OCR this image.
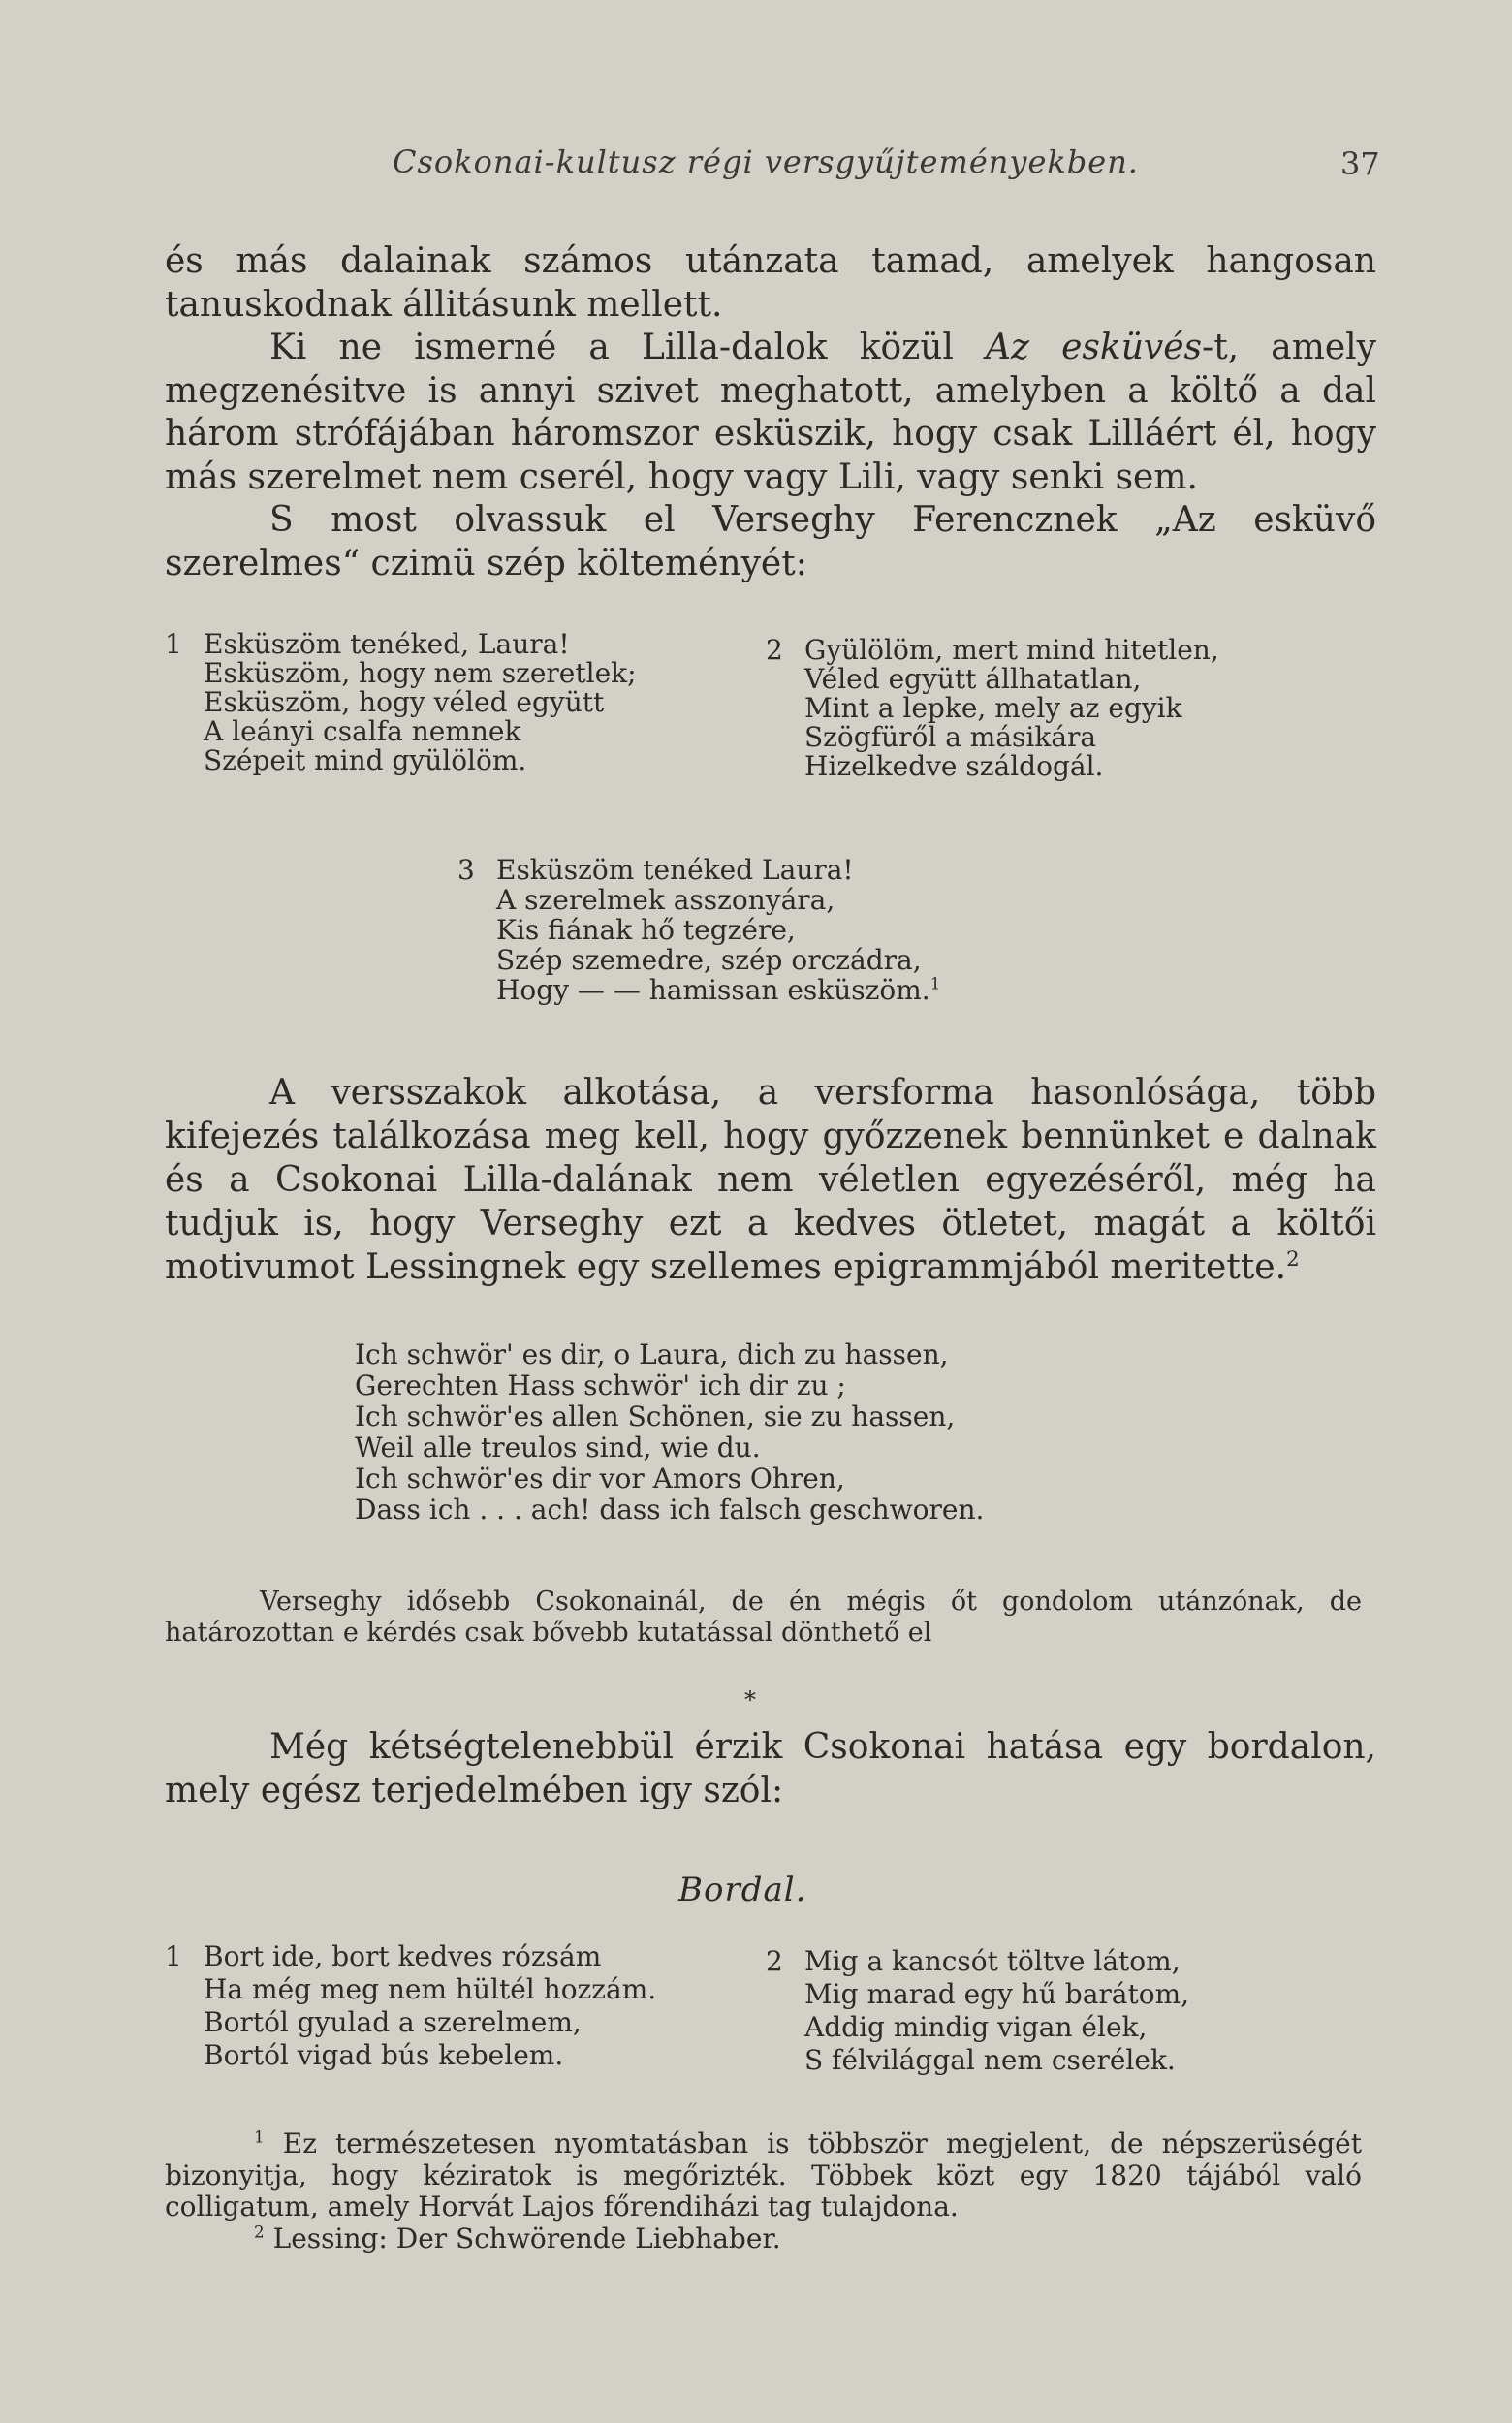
Csokonai-kultusz régi versgyűjteményekben.	37

és más dalainak számos utánzata tamad, amelyek hangosan tanuskodnak állitásunk mellett.

Ki ne ismerné a Lilla-dalok közül Az esküvés-t, amely megzenésitve is annyi szivet meghatott, amelyben a költő a dal három strófájában háromszor esküszik, hogy csak Lilláért él, hogy más szerelmet nem cserél, hogy vagy Lili, vagy senki sem.

S most olvassuk el Verseghy Ferencznek „Az esküvő szerelmes“ czimü szép költeményét:

1 Esküszöm tenéked, Laura!
Esküszöm, hogy nem szeretlek;
Esküszöm, hogy véled együtt
A leányi csalfa nemnek
Szépeit mind gyülölöm.
2 Gyülölöm, mert mind hitetlen,
Véled együtt állhatatlan,
Mint a lepke, mely az egyik
Szögfüről a másikára
Hizelkedve száldogál.
3 Esküszöm tenéked Laura!
A szerelmek asszonyára,
Kis fiának hő tegzére,
Szép szemedre, szép orczádra,
Hogy — — hamissan esküszöm.$^1$

A versszakok alkotása, a versforma hasonlósága, több kifejezés találkozása meg kell, hogy győzzenek bennünket e dalnak és a Csokonai Lilla-dalának nem véletlen egyezéséről, még ha tudjuk is, hogy Verseghy ezt a kedves ötletet, magát a költői motivumot Lessingnek egy szellemes epigrammjából meritette.$^2$

Ich schwör' es dir, o Laura, dich zu hassen,
Gerechten Hass schwör' ich dir zu ;
Ich schwör'es allen Schönen, sie zu hassen,
Weil alle treulos sind, wie du.
Ich schwör'es dir vor Amors Ohren,
Dass ich . . . ach! dass ich falsch geschworen.

Verseghy idősebb Csokonainál, de én mégis őt gondolom utánzónak, de határozottan e kérdés csak bővebb kutatással dönthető el

*

Még kétségtelenebbül érzik Csokonai hatása egy bordalon, mely egész terjedelmében igy szól:

Bordal.
1 Bort ide, bort kedves rózsám
Ha még meg nem hültél hozzám.
Bortól gyulad a szerelmem,
Bortól vigad bús kebelem.
2 Mig a kancsót töltve látom,
Mig marad egy hű barátom,
Addig mindig vigan élek,
S félvilággal nem cserélek.

$^1$ Ez természetesen nyomtatásban is többször megjelent, de népszerüségét bizonyitja, hogy kéziratok is megőrizték. Többek közt egy 1820 tájából való colligatum, amely Horvát Lajos főrendiházi tag tulajdona.

$^2$ Lessing: Der Schwörende Liebhaber.
